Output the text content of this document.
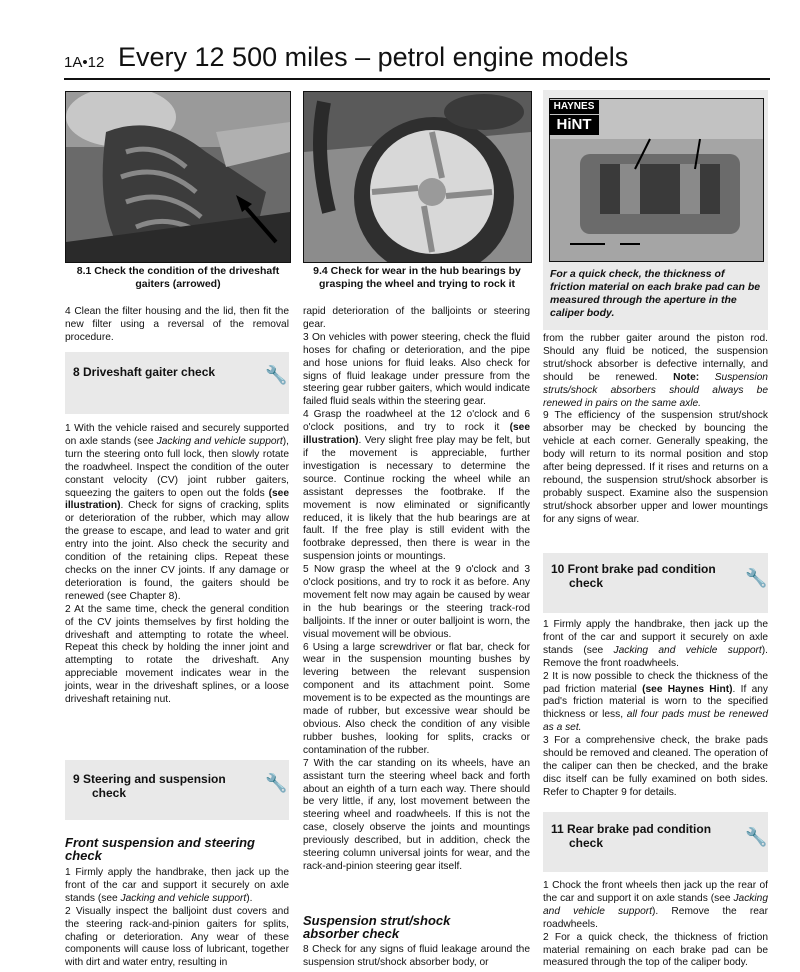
1A•12 Every 12 500 miles – petrol engine models
8.1 Check the condition of the driveshaft gaiters (arrowed)
9.4 Check for wear in the hub bearings by grasping the wheel and trying to rock it
HAYNES
HiNT
For a quick check, the thickness of friction material on each brake pad can be measured through the aperture in the caliper body.

4 Clean the filter housing and the lid, then fit the new filter using a reversal of the removal procedure.

8 Driveshaft gaiter check	🔧

1 With the vehicle raised and securely supported on axle stands (see Jacking and vehicle support), turn the steering onto full lock, then slowly rotate the roadwheel. Inspect the condition of the outer constant velocity (CV) joint rubber gaiters, squeezing the gaiters to open out the folds (see illustration). Check for signs of cracking, splits or deterioration of the rubber, which may allow the grease to escape, and lead to water and grit entry into the joint. Also check the security and condition of the retaining clips. Repeat these checks on the inner CV joints. If any damage or deterioration is found, the gaiters should be renewed (see Chapter 8).

2 At the same time, check the general condition of the CV joints themselves by first holding the driveshaft and attempting to rotate the wheel. Repeat this check by holding the inner joint and attempting to rotate the driveshaft. Any appreciable movement indicates wear in the joints, wear in the driveshaft splines, or a loose driveshaft retaining nut.

9 Steering and suspension
check	🔧
Front suspension and steering check

1 Firmly apply the handbrake, then jack up the front of the car and support it securely on axle stands (see Jacking and vehicle support).

2 Visually inspect the balljoint dust covers and the steering rack-and-pinion gaiters for splits, chafing or deterioration. Any wear of these components will cause loss of lubricant, together with dirt and water entry, resulting in

rapid deterioration of the balljoints or steering gear.

3 On vehicles with power steering, check the fluid hoses for chafing or deterioration, and the pipe and hose unions for fluid leaks. Also check for signs of fluid leakage under pressure from the steering gear rubber gaiters, which would indicate failed fluid seals within the steering gear.

4 Grasp the roadwheel at the 12 o'clock and 6 o'clock positions, and try to rock it (see illustration). Very slight free play may be felt, but if the movement is appreciable, further investigation is necessary to determine the source. Continue rocking the wheel while an assistant depresses the footbrake. If the movement is now eliminated or significantly reduced, it is likely that the hub bearings are at fault. If the free play is still evident with the footbrake depressed, then there is wear in the suspension joints or mountings.

5 Now grasp the wheel at the 9 o'clock and 3 o'clock positions, and try to rock it as before. Any movement felt now may again be caused by wear in the hub bearings or the steering track-rod balljoints. If the inner or outer balljoint is worn, the visual movement will be obvious.

6 Using a large screwdriver or flat bar, check for wear in the suspension mounting bushes by levering between the relevant suspension component and its attachment point. Some movement is to be expected as the mountings are made of rubber, but excessive wear should be obvious. Also check the condition of any visible rubber bushes, looking for splits, cracks or contamination of the rubber.

7 With the car standing on its wheels, have an assistant turn the steering wheel back and forth about an eighth of a turn each way. There should be very little, if any, lost movement between the steering wheel and roadwheels. If this is not the case, closely observe the joints and mountings previously described, but in addition, check the steering column universal joints for wear, and the rack-and-pinion steering gear itself.

Suspension strut/shock absorber check

8 Check for any signs of fluid leakage around the suspension strut/shock absorber body, or

from the rubber gaiter around the piston rod. Should any fluid be noticed, the suspension strut/shock absorber is defective internally, and should be renewed. Note: Suspension struts/shock absorbers should always be renewed in pairs on the same axle.

9 The efficiency of the suspension strut/shock absorber may be checked by bouncing the vehicle at each corner. Generally speaking, the body will return to its normal position and stop after being depressed. If it rises and returns on a rebound, the suspension strut/shock absorber is probably suspect. Examine also the suspension strut/shock absorber upper and lower mountings for any signs of wear.

10 Front brake pad condition
check	🔧

1 Firmly apply the handbrake, then jack up the front of the car and support it securely on axle stands (see Jacking and vehicle support). Remove the front roadwheels.

2 It is now possible to check the thickness of the pad friction material (see Haynes Hint). If any pad's friction material is worn to the specified thickness or less, all four pads must be renewed as a set.

3 For a comprehensive check, the brake pads should be removed and cleaned. The operation of the caliper can then be checked, and the brake disc itself can be fully examined on both sides. Refer to Chapter 9 for details.

11 Rear brake pad condition
check	🔧

1 Chock the front wheels then jack up the rear of the car and support it on axle stands (see Jacking and vehicle support). Remove the rear roadwheels.

2 For a quick check, the thickness of friction material remaining on each brake pad can be measured through the top of the caliper body.
